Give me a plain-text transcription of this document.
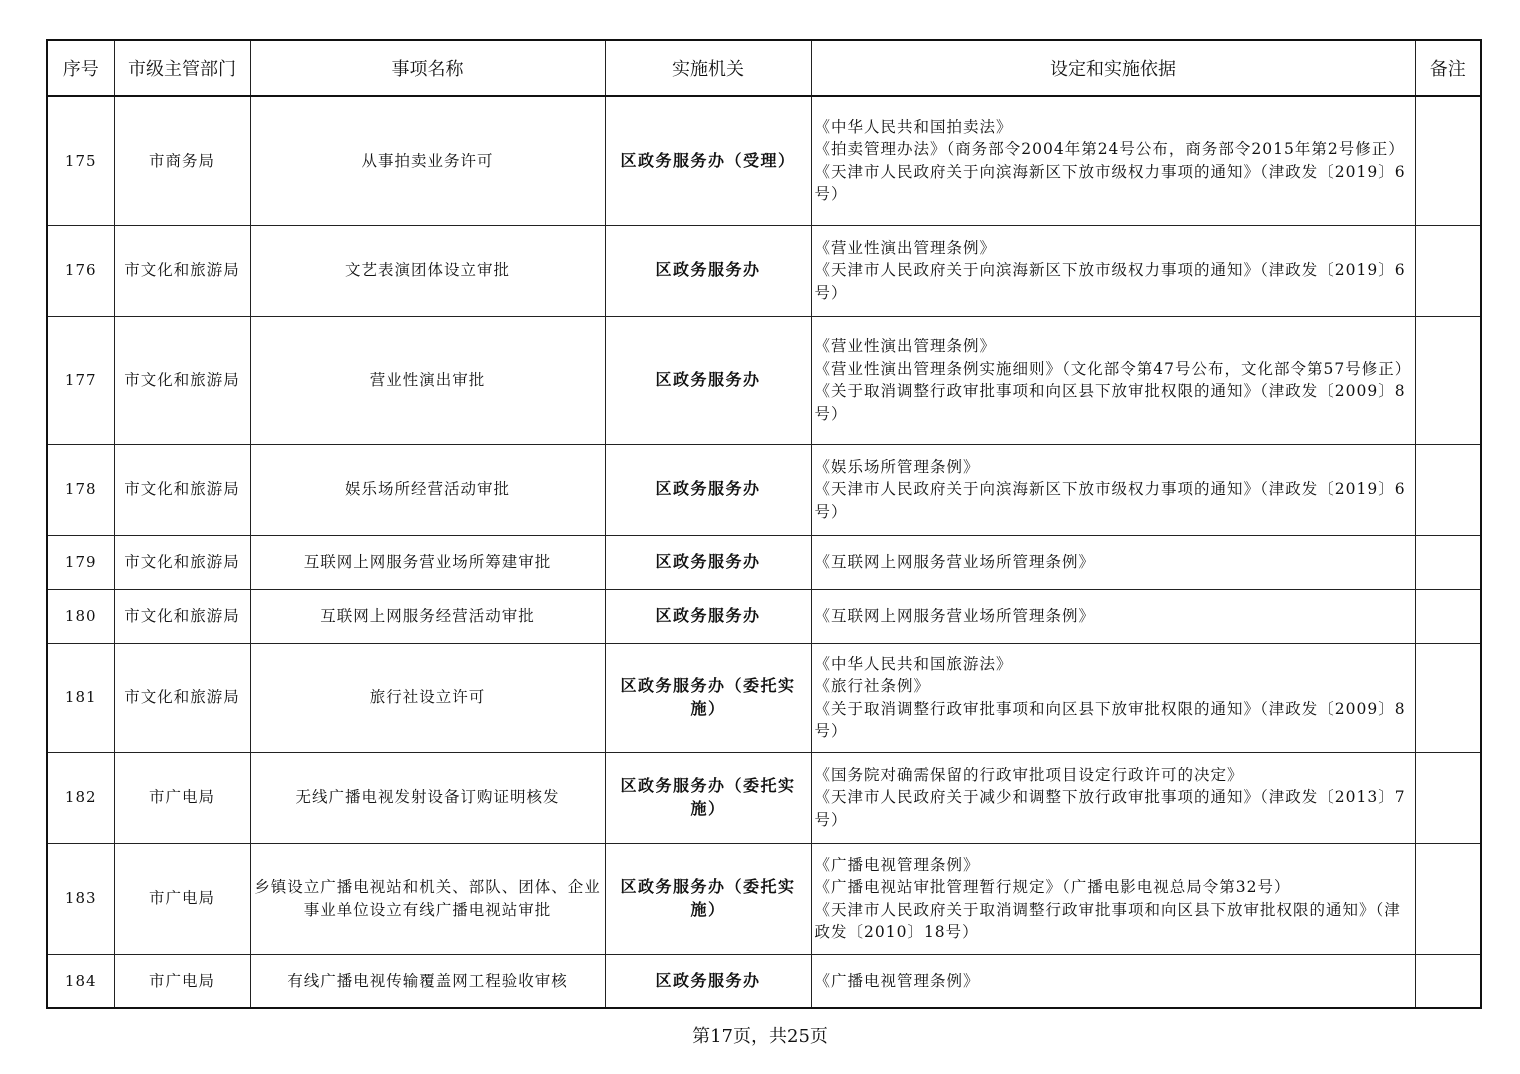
序号	市级主管部门	事项名称	实施机关	设定和实施依据	备注
175	市商务局	从事拍卖业务许可	区政务服务办（受理）	《中华人民共和国拍卖法》
《拍卖管理办法》（商务部令2004年第24号公布，商务部令2015年第2号修正）
《天津市人民政府关于向滨海新区下放市级权力事项的通知》（津政发〔2019〕6号）	

176	市文化和旅游局	文艺表演团体设立审批	区政务服务办	《营业性演出管理条例》
《天津市人民政府关于向滨海新区下放市级权力事项的通知》（津政发〔2019〕6号）	

177	市文化和旅游局	营业性演出审批	区政务服务办	《营业性演出管理条例》
《营业性演出管理条例实施细则》（文化部令第47号公布，文化部令第57号修正）
《关于取消调整行政审批事项和向区县下放审批权限的通知》（津政发〔2009〕8号）	

178	市文化和旅游局	娱乐场所经营活动审批	区政务服务办	《娱乐场所管理条例》
《天津市人民政府关于向滨海新区下放市级权力事项的通知》（津政发〔2019〕6号）	

179	市文化和旅游局	互联网上网服务营业场所筹建审批	区政务服务办	《互联网上网服务营业场所管理条例》	

180	市文化和旅游局	互联网上网服务经营活动审批	区政务服务办	《互联网上网服务营业场所管理条例》	

181	市文化和旅游局	旅行社设立许可	区政务服务办（委托实施）	《中华人民共和国旅游法》
《旅行社条例》
《关于取消调整行政审批事项和向区县下放审批权限的通知》（津政发〔2009〕8号）	

182	市广电局	无线广播电视发射设备订购证明核发	区政务服务办（委托实施）	《国务院对确需保留的行政审批项目设定行政许可的决定》
《天津市人民政府关于减少和调整下放行政审批事项的通知》（津政发〔2013〕7号）	

183	市广电局	乡镇设立广播电视站和机关、部队、团体、企业事业单位设立有线广播电视站审批	区政务服务办（委托实施）	《广播电视管理条例》
《广播电视站审批管理暂行规定》（广播电影电视总局令第32号）
《天津市人民政府关于取消调整行政审批事项和向区县下放审批权限的通知》（津政发〔2010〕18号）	

184	市广电局	有线广播电视传输覆盖网工程验收审核	区政务服务办	《广播电视管理条例》	

第17页，共25页
